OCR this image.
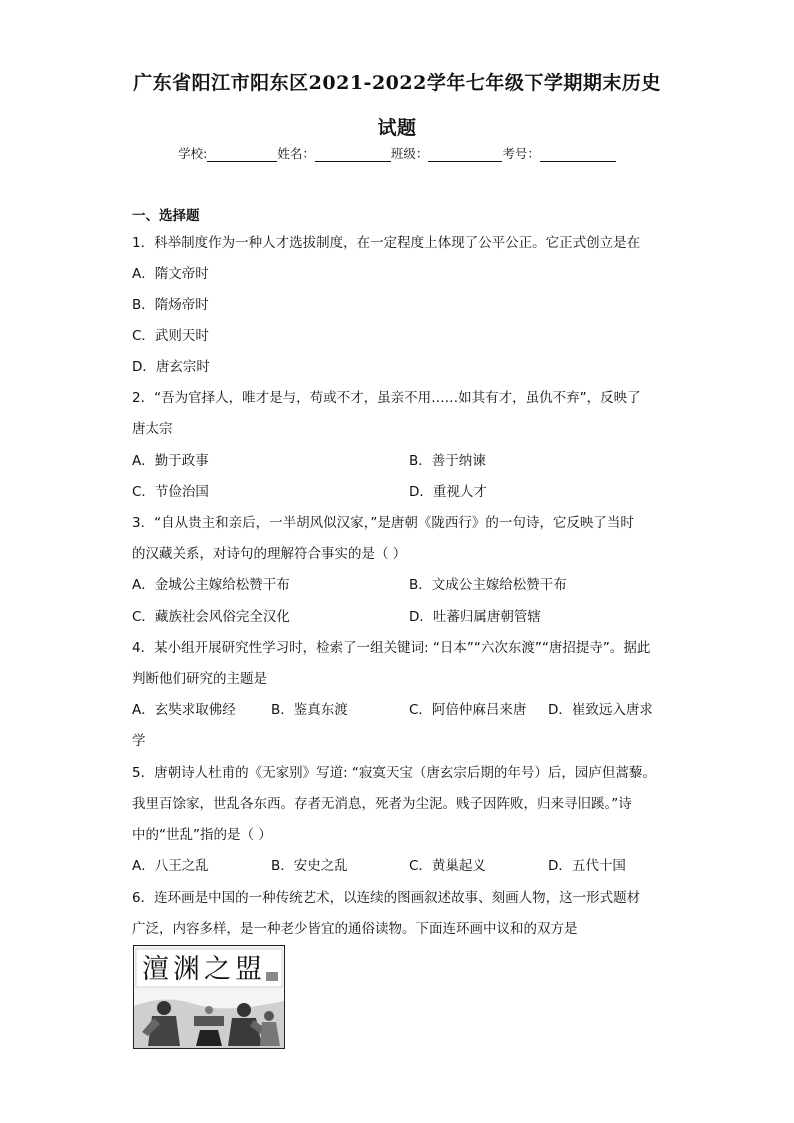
广东省阳江市阳东区2021-2022学年七年级下学期期末历史
试题
学校:	姓名：	班级：	考号：
一、选择题
1．科举制度作为一种人才选拔制度，在一定程度上体现了公平公正。它正式创立是在
A．隋文帝时
B．隋炀帝时
C．武则天时
D．唐玄宗时
2．“吾为官择人，唯才是与，苟或不才，虽亲不用……如其有才，虽仇不弃”，反映了
唐太宗
A．勤于政事	B．善于纳谏
C．节俭治国	D．重视人才
3．“自从贵主和亲后，一半胡风似汉家，”是唐朝《陇西行》的一句诗，它反映了当时
的汉藏关系，对诗句的理解符合事实的是（ ）
A．金城公主嫁给松赞干布	B．文成公主嫁给松赞干布
C．藏族社会风俗完全汉化	D．吐蕃归属唐朝管辖
4．某小组开展研究性学习时，检索了一组关键词: “日本”“六次东渡”“唐招提寺”。据此
判断他们研究的主题是
A．玄奘求取佛经	B．鉴真东渡	C．阿倍仲麻吕来唐 D．崔致远入唐求
学
5．唐朝诗人杜甫的《无家别》写道: “寂寞天宝（唐玄宗后期的年号）后，园庐但蒿藜。
我里百馀家，世乱各东西。存者无消息，死者为尘泥。贱子因阵败，归来寻旧蹊。”诗
中的“世乱”指的是（ ）
A．八王之乱	B．安史之乱	C．黄巢起义	D．五代十国
6．连环画是中国的一种传统艺术，以连续的图画叙述故事、刻画人物，这一形式题材
广泛，内容多样，是一种老少皆宜的通俗读物。下面连环画中议和的双方是
澶渊之盟
